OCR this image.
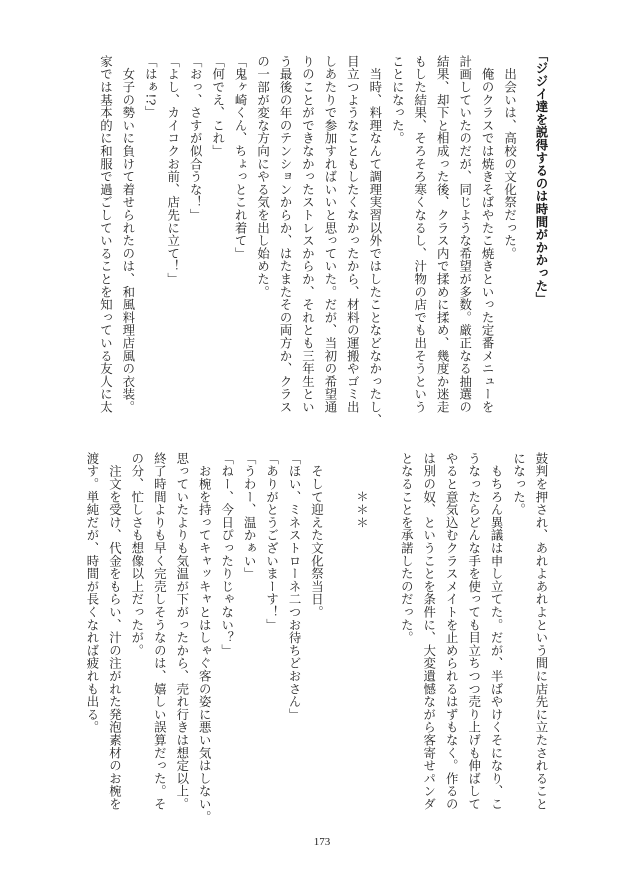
「ジジイ達を説得するのは時間がかかった」
　出会いは、高校の文化祭だった。
　俺のクラスでは焼きそばやたこ焼きといった定番メニューを
計画していたのだが、同じような希望が多数。厳正なる抽選の
結果、却下と相成った後、クラス内で揉めに揉め、幾度か迷走
もした結果、そろそろ寒くなるし、汁物の店でも出そうという
ことになった。
　当時、料理なんて調理実習以外ではしたことなどなかったし、
目立つようなこともしたくなかったから、材料の運搬やゴミ出
しあたりで参加すればいいと思っていた。だが、当初の希望通
りのことができなかったストレスからか、それとも三年生とい
う最後の年のテンションからか、はたまたその両方か、クラス
の一部が変な方向にやる気を出し始めた。
「鬼ヶ崎くん、ちょっとこれ着て」
「何でえ、これ」
「おっ、さすが似合うな！」
「よし、カイコクお前、店先に立て！」
「はぁ!?」
　女子の勢いに負けて着せられたのは、和風料理店風の衣装。
家では基本的に和服で過ごしていることを知っている友人に太
鼓判を押され、あれよあれよという間に店先に立たされること
になった。
　もちろん異議は申し立てた。だが、半ばやけくそになり、こ
うなったらどんな手を使っても目立ちつつ売り上げも伸ばして
やると意気込むクラスメイトを止められるはずもなく。作るの
は別の奴、ということを条件に、大変遺憾ながら客寄せパンダ
となることを承諾したのだった。
　　　＊＊＊
　そして迎えた文化祭当日。
「ほい、ミネストローネ二つお待ちどおさん」
「ありがとうございまーす！」
「うわー、温かぁい」
「ねー、今日ぴったりじゃない？」
　お椀を持ってキャッキャとはしゃぐ客の姿に悪い気はしない。
思っていたよりも気温が下がったから、売れ行きは想定以上。
終了時間よりも早く完売しそうなのは、嬉しい誤算だった。そ
の分、忙しさも想像以上だったが。
　注文を受け、代金をもらい、汁の注がれた発泡素材のお椀を
渡す。単純だが、時間が長くなれば疲れも出る。
173
